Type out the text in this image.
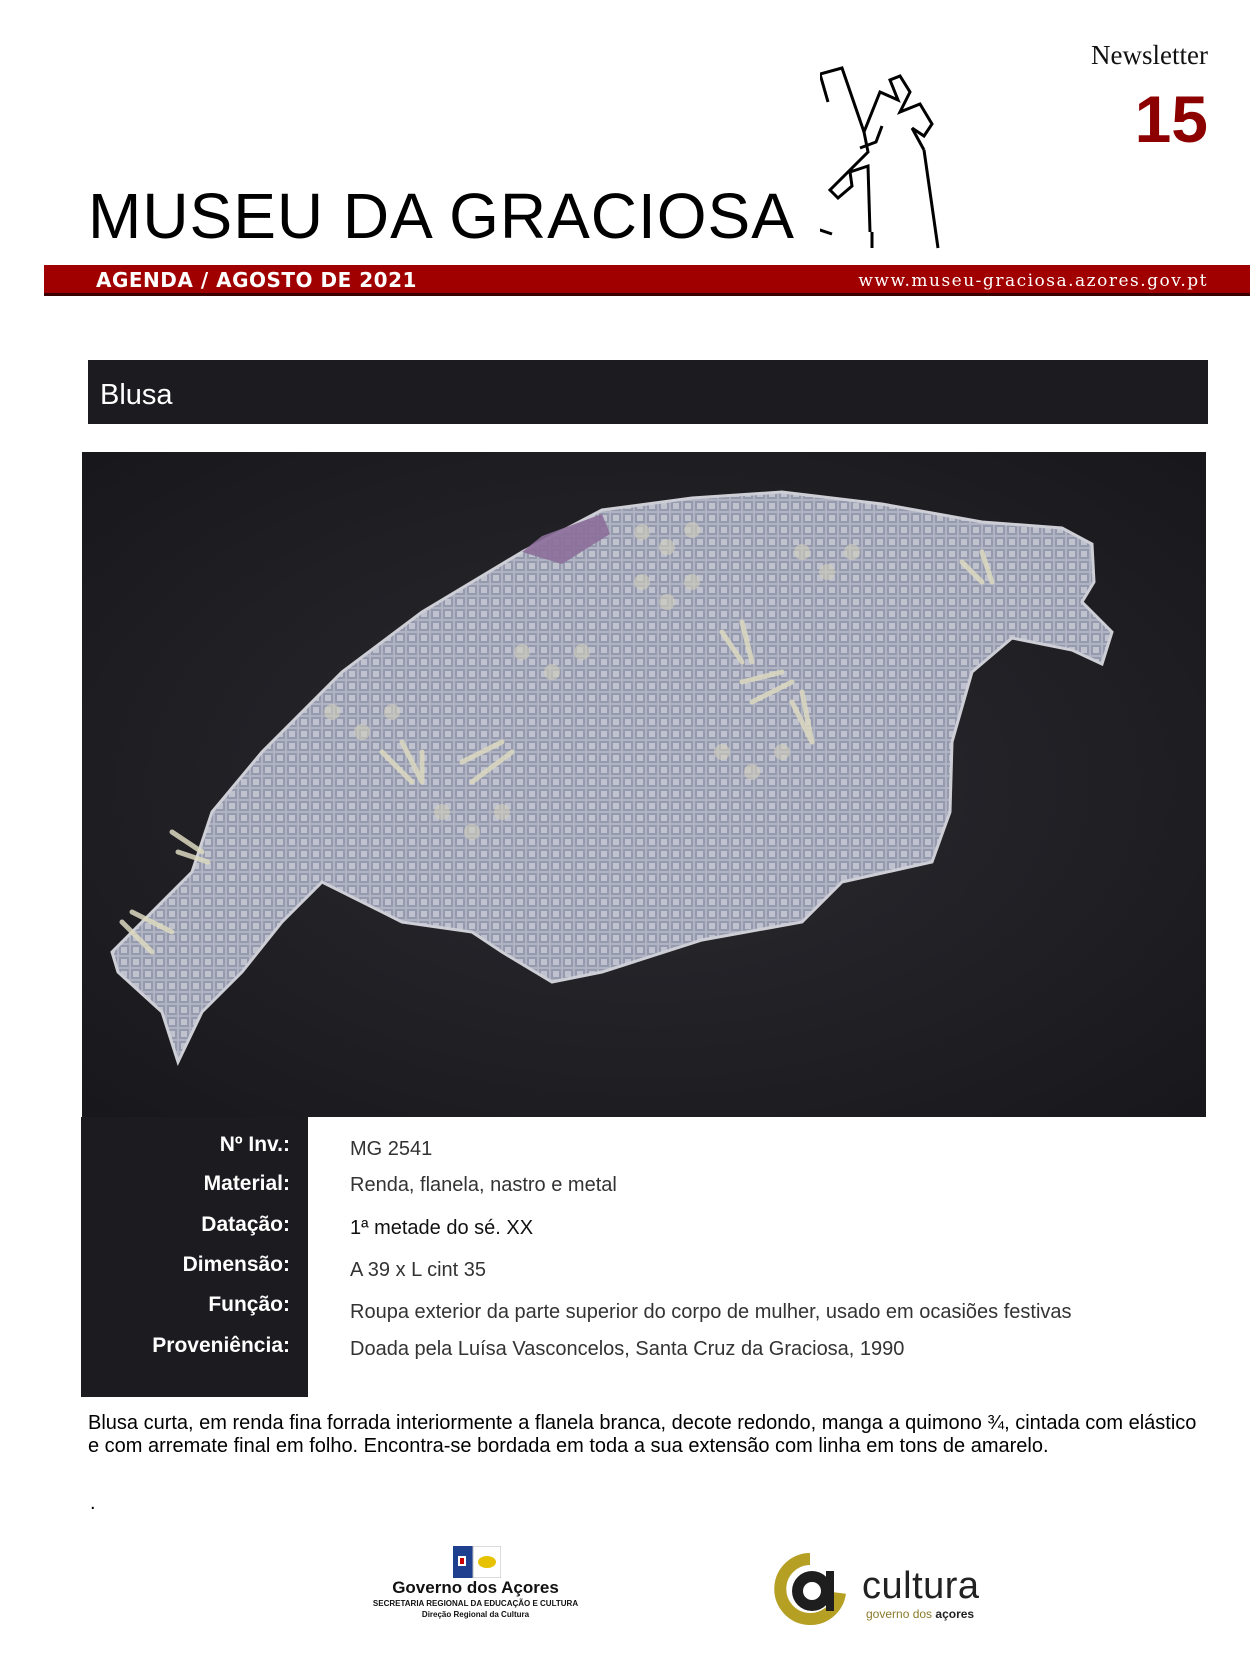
Newsletter
15
MUSEU DA GRACIOSA
AGENDA / AGOSTO DE 2021	www.museu-graciosa.azores.gov.pt
Blusa
Nº Inv.:	MG 2541
Material:	Renda, flanela, nastro e metal
Datação:	1ª metade do sé. XX
Dimensão:	A 39 x L cint 35
Função:	Roupa exterior da parte superior do corpo de mulher, usado em ocasiões festivas
Proveniência:	Doada pela Luísa Vasconcelos, Santa Cruz da Graciosa, 1990
Blusa curta, em renda fina forrada interiormente a flanela branca, decote redondo, manga a quimono ¾, cintada com elástico e com arremate final em folho. Encontra-se bordada em toda a sua extensão com linha em tons de amarelo.
.
Governo dos Açores
SECRETARIA REGIONAL DA EDUCAÇÃO E CULTURA
Direção Regional da Cultura
cultura
governo dos açores
